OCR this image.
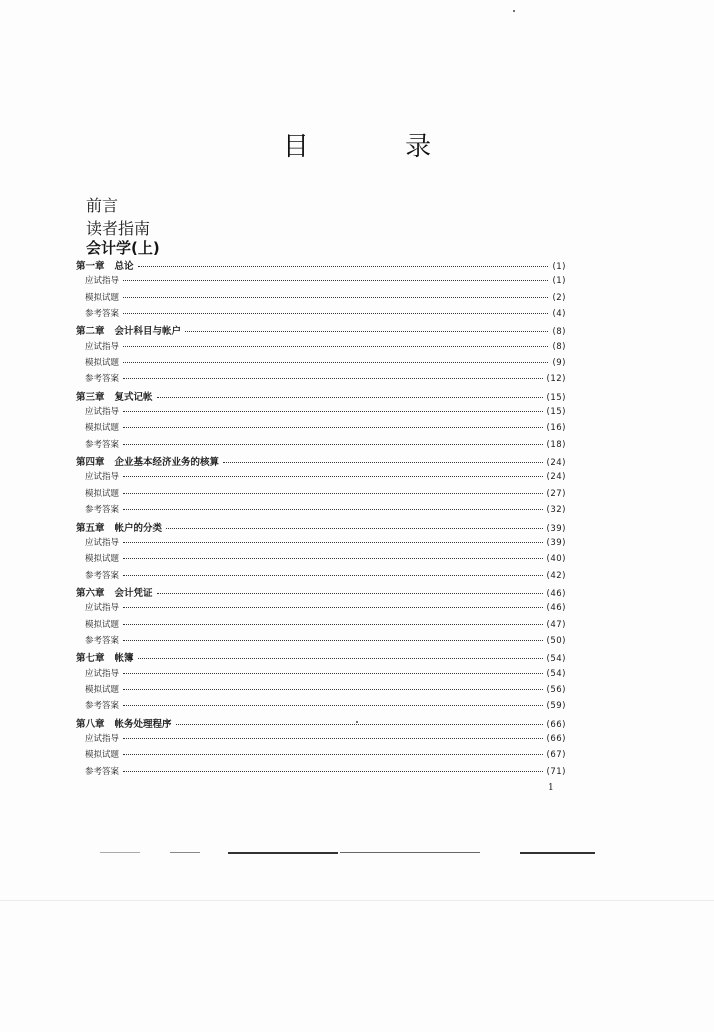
目 录
前言
读者指南
会计学(上)
第一章 总论	(1)
应试指导	(1)
模拟试题	(2)
参考答案	(4)
第二章 会计科目与帐户	(8)
应试指导	(8)
模拟试题	(9)
参考答案	(12)
第三章 复式记帐	(15)
应试指导	(15)
模拟试题	(16)
参考答案	(18)
第四章 企业基本经济业务的核算	(24)
应试指导	(24)
模拟试题	(27)
参考答案	(32)
第五章 帐户的分类	(39)
应试指导	(39)
模拟试题	(40)
参考答案	(42)
第六章 会计凭证	(46)
应试指导	(46)
模拟试题	(47)
参考答案	(50)
第七章 帐簿	(54)
应试指导	(54)
模拟试题	(56)
参考答案	(59)
第八章 帐务处理程序	(66)
应试指导	(66)
模拟试题	(67)
参考答案	(71)
1
